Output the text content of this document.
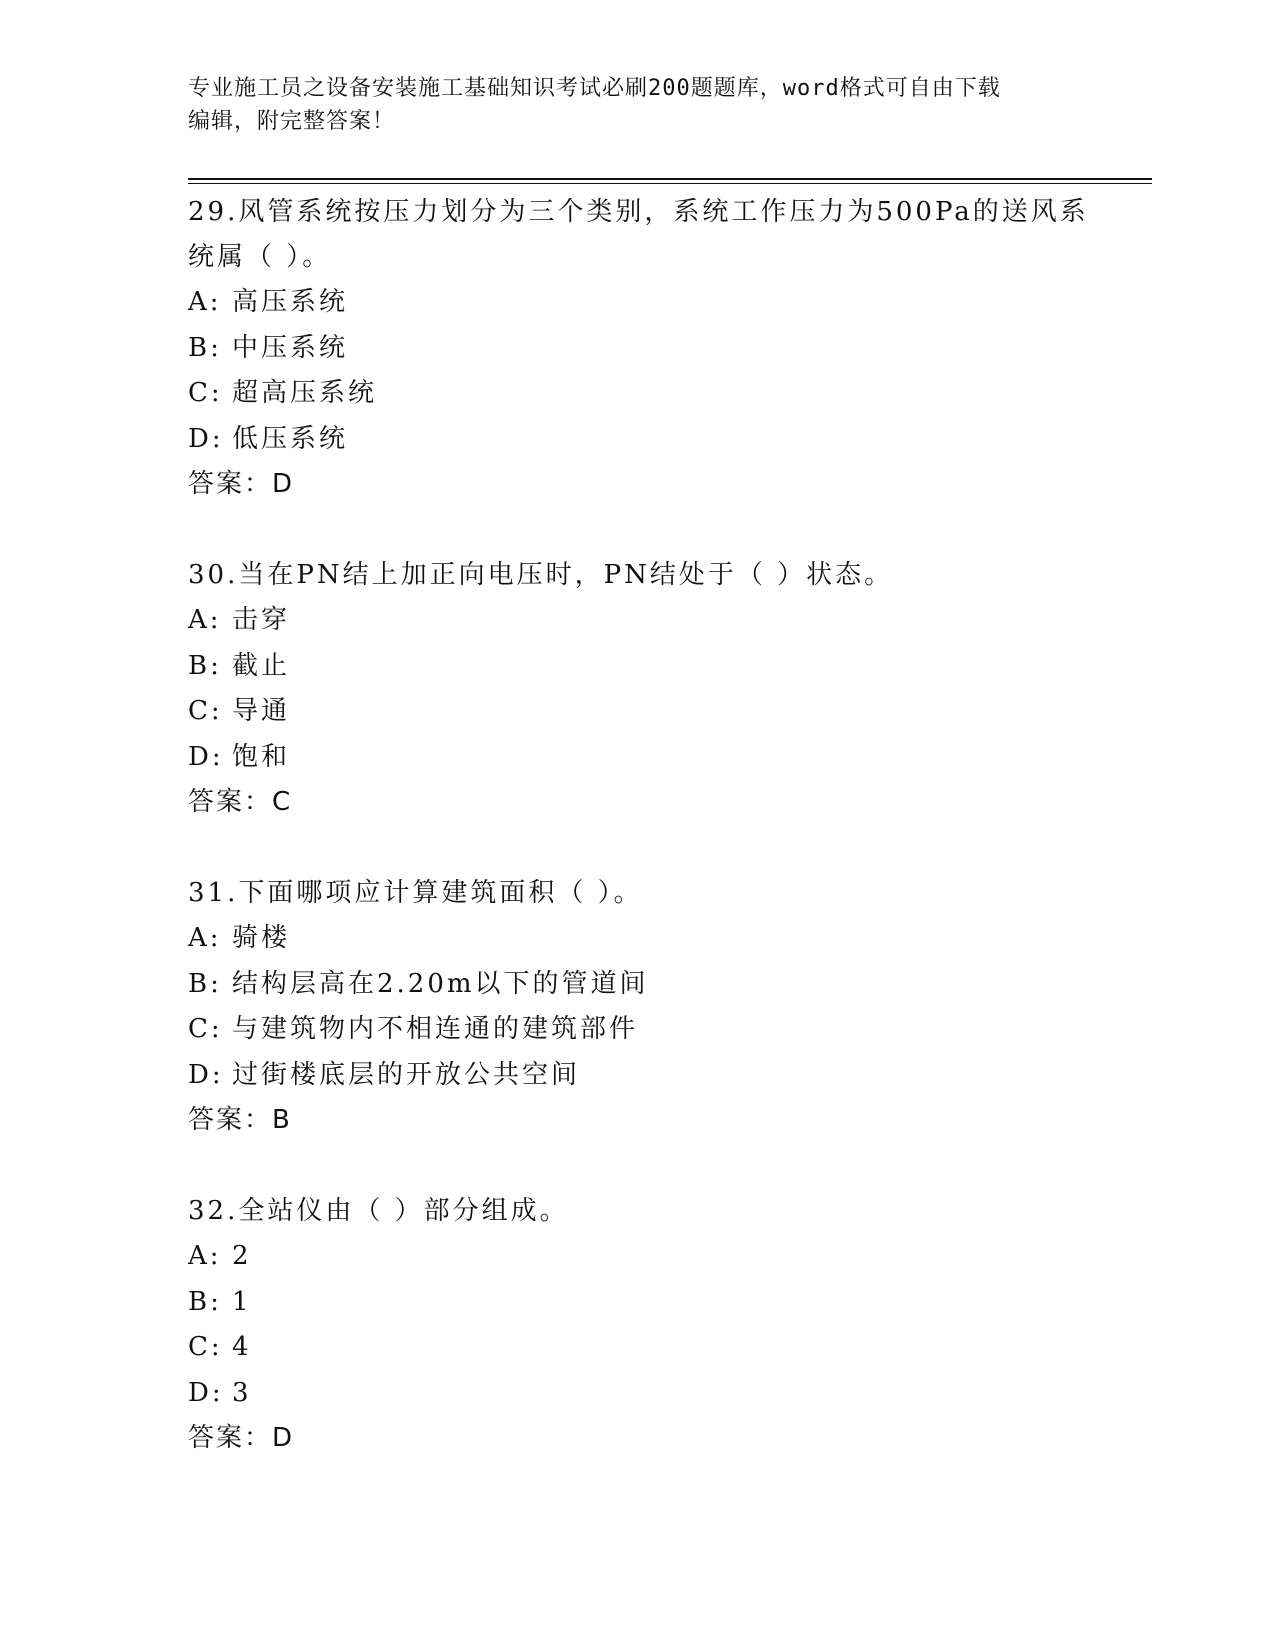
专业施工员之设备安装施工基础知识考试必刷200题题库，word格式可自由下载
编辑，附完整答案！
29.风管系统按压力划分为三个类别，系统工作压力为500Pa的送风系
统属（ ）。
A: 高压系统
B: 中压系统
C: 超高压系统
D: 低压系统
答案：D
30.当在PN结上加正向电压时，PN结处于（ ）状态。
A: 击穿
B: 截止
C: 导通
D: 饱和
答案：C
31.下面哪项应计算建筑面积（ ）。
A: 骑楼
B: 结构层高在2.20m以下的管道间
C: 与建筑物内不相连通的建筑部件
D: 过街楼底层的开放公共空间
答案：B
32.全站仪由（ ）部分组成。
A: 2
B: 1
C: 4
D: 3
答案：D
